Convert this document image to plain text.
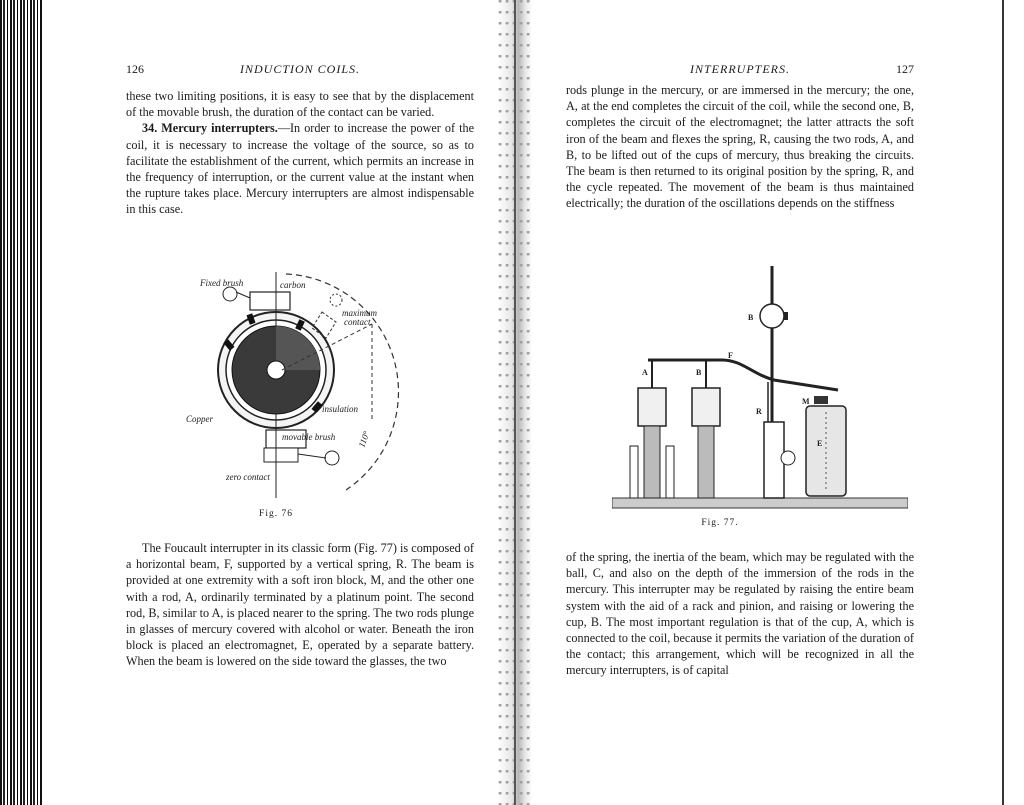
126	INDUCTION COILS.

these two limiting positions, it is easy to see that by the displacement of the movable brush, the duration of the contact can be varied.

34. Mercury interrupters.—In order to increase the power of the coil, it is necessary to increase the voltage of the source, so as to facilitate the establishment of the current, which permits an increase in the frequency of interruption, or the current value at the instant when the rupture takes place. Mercury interrupters are almost indispensable in this case.

Fixed brush	carbon
maximum
contact
insulation
Copper
movable brush 110°
zero contact
Fig. 76

The Foucault interrupter in its classic form (Fig. 77) is composed of a horizontal beam, F, supported by a vertical spring, R. The beam is provided at one extremity with a soft iron block, M, and the other one with a rod, A, ordinarily terminated by a platinum point. The second rod, B, similar to A, is placed nearer to the spring. The two rods plunge in glasses of mercury covered with alcohol or water. Beneath the iron block is placed an electromagnet, E, operated by a separate battery. When the beam is lowered on the side toward the glasses, the two

INTERRUPTERS.	127

rods plunge in the mercury, or are immersed in the mercury; the one, A, at the end completes the circuit of the coil, while the second one, B, completes the circuit of the electromagnet; the latter attracts the soft iron of the beam and flexes the spring, R, causing the two rods, A, and B, to be lifted out of the cups of mercury, thus breaking the circuits. The beam is then returned to its original position by the spring, R, and the cycle repeated. The movement of the beam is thus maintained electrically; the duration of the oscillations depends on the stiffness

B
F
A	B
R
M
E
Fig. 77.

of the spring, the inertia of the beam, which may be regulated with the ball, C, and also on the depth of the immersion of the rods in the mercury. This interrupter may be regulated by raising the entire beam system with the aid of a rack and pinion, and raising or lowering the cup, B. The most important regulation is that of the cup, A, which is connected to the coil, because it permits the variation of the duration of the contact; this arrangement, which will be recognized in all the mercury interrupters, is of capital
